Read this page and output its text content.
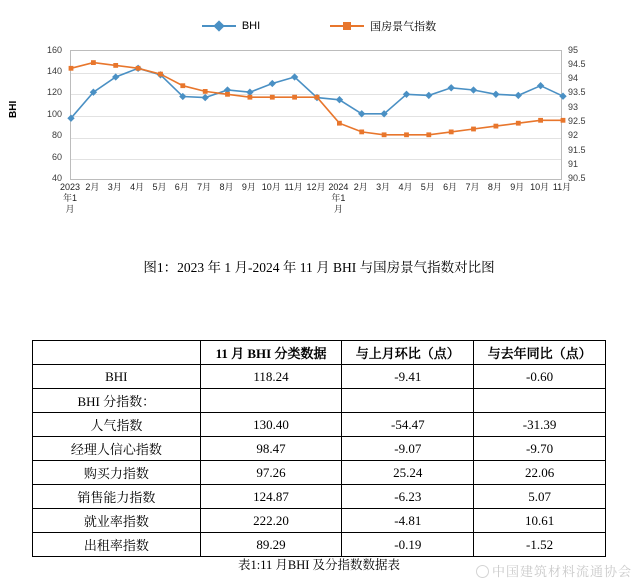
BHI	国房景气指数
BHI
160
140
120
100
80
60
40
95
94.5
94
93.5
93
92.5
92
91.5
91
90.5
2023
年1
月
2月 3月 4月 5月 6月 7月 8月 9月 10月 11月 12月 2024
年1
月
2月 3月 4月 5月 6月 7月 8月 9月 10月 11月
图1：2023 年 1 月-2024 年 11 月 BHI 与国房景气指数对比图
	11 月 BHI 分类数据	与上月环比（点）	与去年同比（点）
BHI	118.24	-9.41	-0.60
BHI 分指数：			
人气指数	130.40	-54.47	-31.39
经理人信心指数	98.47	-9.07	-9.70
购买力指数	97.26	25.24	22.06
销售能力指数	124.87	-6.23	5.07
就业率指数	222.20	-4.81	10.61
出租率指数	89.29	-0.19	-1.52
表1:11 月BHI 及分指数数据表	中国建筑材料流通协会
